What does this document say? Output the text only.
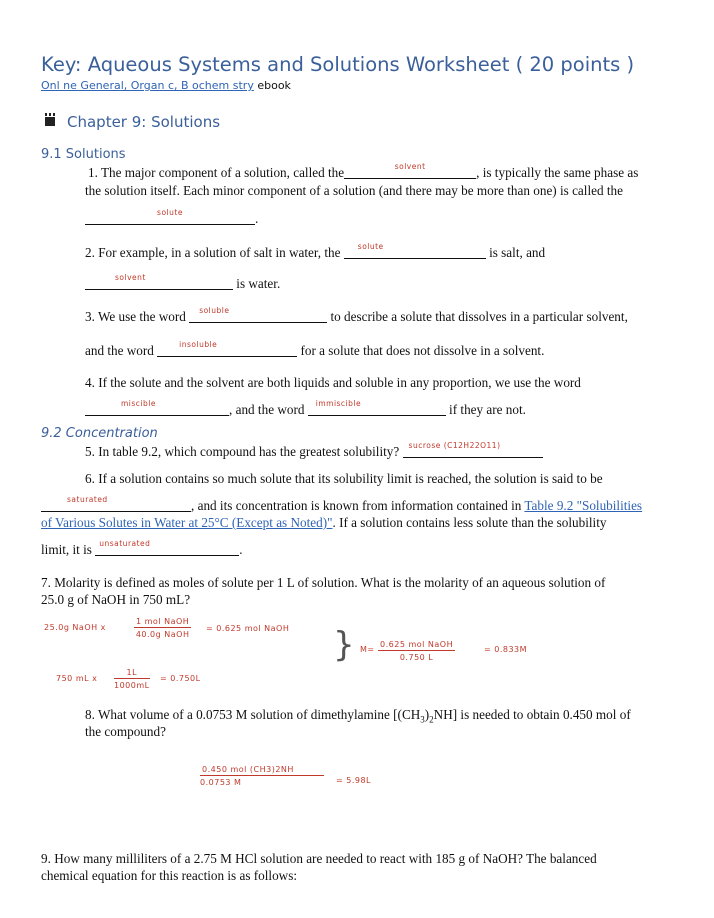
Key: Aqueous Systems and Solutions Worksheet ( 20 points )
Onl ne General, Organ c, B ochem stry ebook
Chapter 9: Solutions
9.1 Solutions
1. The major component of a solution, called the	solvent	, is typically the same phase as
the solution itself. Each minor component of a solution (and there may be more than one) is called the
solute	.
2. For example, in a solution of salt in water, the solute	is salt, and
solvent	is water.
3. We use the word soluble	to describe a solute that dissolves in a particular solvent,
and the word	insoluble	for a solute that does not dissolve in a solvent.
4. If the solute and the solvent are both liquids and soluble in any proportion, we use the word
miscible	, and the word immiscible	if they are not.
9.2 Concentration
5. In table 9.2, which compound has the greatest solubility? sucrose (C12H22O11)
6. If a solution contains so much solute that its solubility limit is reached, the solution is said to be
saturated	, and its concentration is known from information contained in Table 9.2 "Solubilities
of Various Solutes in Water at 25°C (Except as Noted)". If a solution contains less solute than the solubility
limit, it is unsaturated	.
7. Molarity is defined as moles of solute per 1 L of solution. What is the molarity of an aqueous solution of
25.0 g of NaOH in 750 mL?
25.0g NaOH x
1 mol NaOH
40.0g NaOH
= 0.625 mol NaOH
750 mL x $\frac{1L}{1000mL} = 0.750L$
} M=
0.625 mol NaOH
0.750 L
= 0.833M
8. What volume of a 0.0753 M solution of dimethylamine $[(CH_3)_2NH]$ is needed to obtain 0.450 mol of
the compound?
0.450 mol (CH3)2NH
0.0753 M	= 5.98L
9. How many milliliters of a 2.75 M HCl solution are needed to react with 185 g of NaOH? The balanced
chemical equation for this reaction is as follows:
